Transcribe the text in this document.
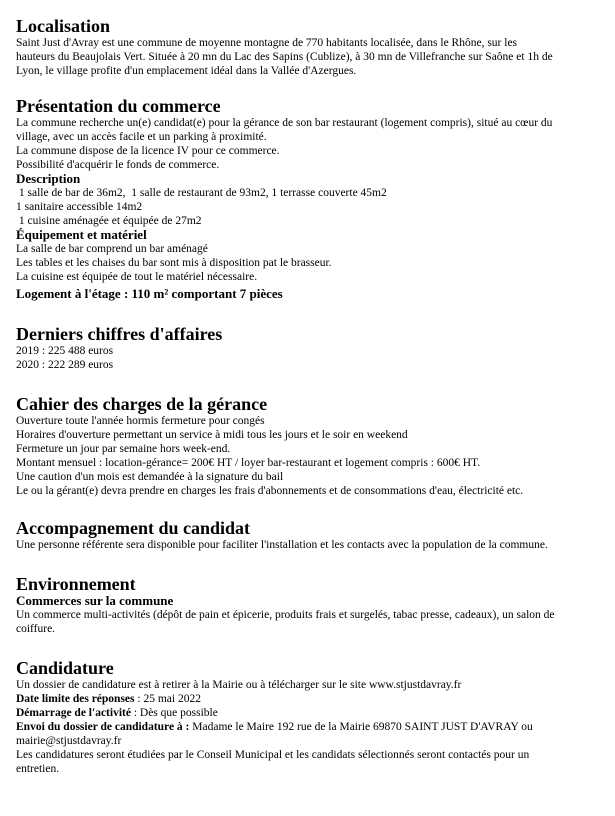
Localisation
Saint Just d'Avray est une commune de moyenne montagne de 770 habitants localisée, dans le Rhône, sur les
hauteurs du Beaujolais Vert. Située à 20 mn du Lac des Sapins (Cublize), à 30 mn de Villefranche sur Saône et 1h de
Lyon, le village profite d'un emplacement idéal dans la Vallée d'Azergues.
Présentation du commerce
La commune recherche un(e) candidat(e) pour la gérance de son bar restaurant (logement compris), situé au cœur du
village, avec un accès facile et un parking à proximité.
La commune dispose de la licence IV pour ce commerce.
Possibilité d'acquérir le fonds de commerce.
Description
1 salle de bar de 36m2,  1 salle de restaurant de 93m2, 1 terrasse couverte 45m2
1 sanitaire accessible 14m2
1 cuisine aménagée et équipée de 27m2
Équipement et matériel
La salle de bar comprend un bar aménagé
Les tables et les chaises du bar sont mis à disposition pat le brasseur.
La cuisine est équipée de tout le matériel nécessaire.
Logement à l'étage : 110 m² comportant 7 pièces
Derniers chiffres d'affaires
2019 : 225 488 euros
2020 : 222 289 euros
Cahier des charges de la gérance
Ouverture toute l'année hormis fermeture pour congés
Horaires d'ouverture permettant un service à midi tous les jours et le soir en weekend
Fermeture un jour par semaine hors week-end.
Montant mensuel : location-gérance= 200€ HT / loyer bar-restaurant et logement compris : 600€ HT.
Une caution d'un mois est demandée à la signature du bail
Le ou la gérant(e) devra prendre en charges les frais d'abonnements et de consommations d'eau, électricité etc.
Accompagnement du candidat
Une personne référente sera disponible pour faciliter l'installation et les contacts avec la population de la commune.
Environnement
Commerces sur la commune
Un commerce multi-activités (dépôt de pain et épicerie, produits frais et surgelés, tabac presse, cadeaux), un salon de
coiffure.
Candidature
Un dossier de candidature est à retirer à la Mairie ou à télécharger sur le site www.stjustdavray.fr
Date limite des réponses : 25 mai 2022
Démarrage de l'activité : Dès que possible
Envoi du dossier de candidature à : Madame le Maire 192 rue de la Mairie 69870 SAINT JUST D'AVRAY ou
mairie@stjustdavray.fr
Les candidatures seront étudiées par le Conseil Municipal et les candidats sélectionnés seront contactés pour un
entretien.
